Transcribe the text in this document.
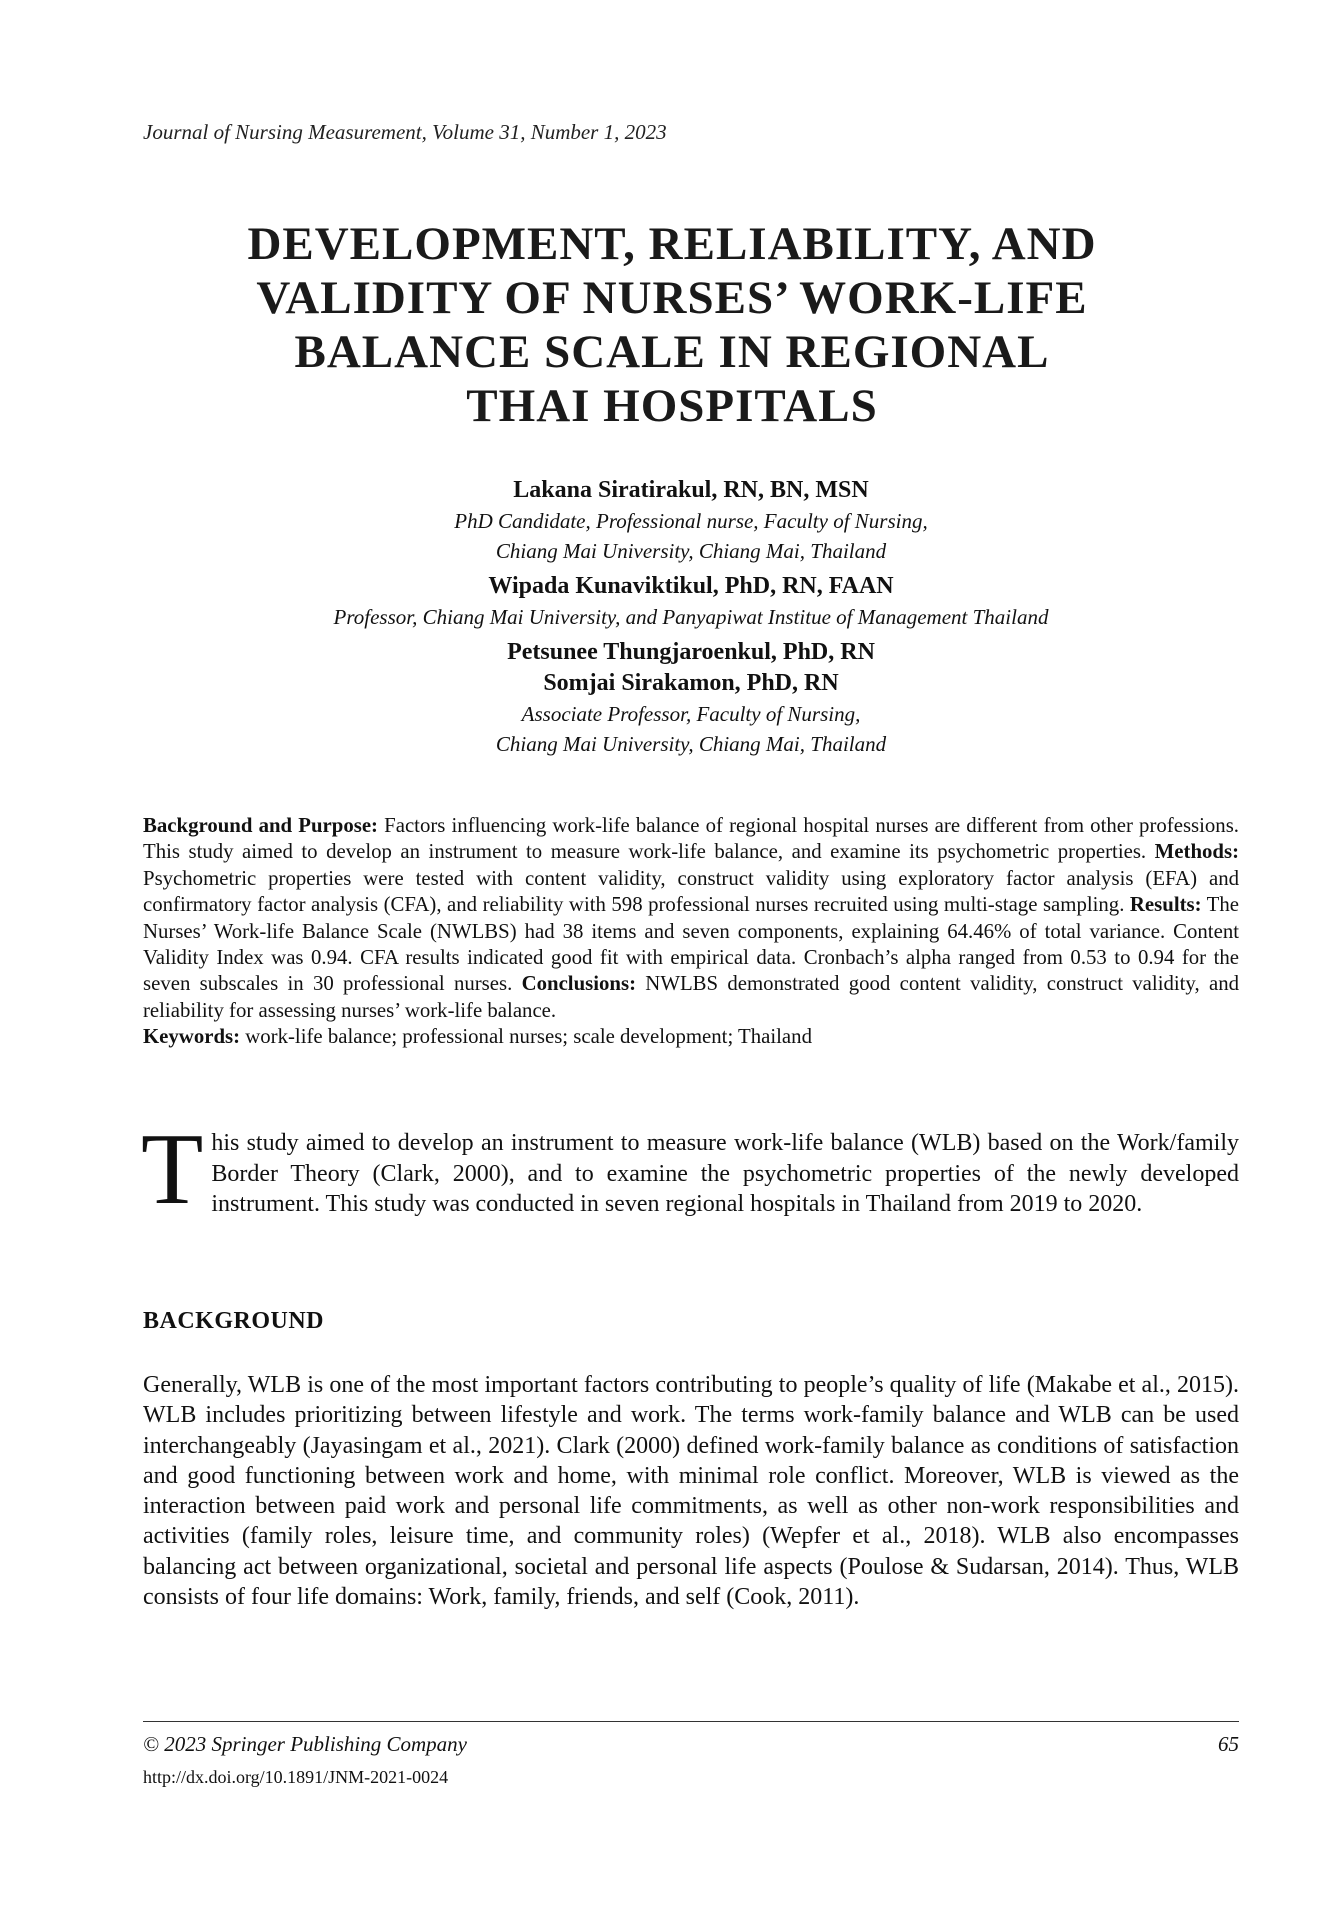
Journal of Nursing Measurement, Volume 31, Number 1, 2023
DEVELOPMENT, RELIABILITY, AND
VALIDITY OF NURSES’ WORK-LIFE
BALANCE SCALE IN REGIONAL
THAI HOSPITALS
Lakana Siratirakul, RN, BN, MSN
PhD Candidate, Professional nurse, Faculty of Nursing,
Chiang Mai University, Chiang Mai, Thailand
Wipada Kunaviktikul, PhD, RN, FAAN
Professor, Chiang Mai University, and Panyapiwat Institue of Management Thailand
Petsunee Thungjaroenkul, PhD, RN
Somjai Sirakamon, PhD, RN
Associate Professor, Faculty of Nursing,
Chiang Mai University, Chiang Mai, Thailand
Background and Purpose: Factors influencing work-life balance of regional hospital nurses are different from other professions. This study aimed to develop an instrument to measure work-life balance, and examine its psychometric properties. Methods: Psychometric properties were tested with content validity, construct validity using exploratory factor analysis (EFA) and confirmatory factor analysis (CFA), and reliability with 598 professional nurses recruited using multi-stage sampling. Results: The Nurses’ Work-life Balance Scale (NWLBS) had 38 items and seven components, explaining 64.46% of total variance. Content Validity Index was 0.94. CFA results indicated good fit with empirical data. Cronbach’s alpha ranged from 0.53 to 0.94 for the seven subscales in 30 professional nurses. Conclusions: NWLBS demonstrated good content validity, construct validity, and reliability for assessing nurses’ work-life balance.
Keywords: work-life balance; professional nurses; scale development; Thailand
This study aimed to develop an instrument to measure work-life balance (WLB) based on the Work/family Border Theory (Clark, 2000), and to examine the psychometric properties of the newly developed instrument. This study was conducted in seven regional hospitals in Thailand from 2019 to 2020.
BACKGROUND
Generally, WLB is one of the most important factors contributing to people’s quality of life (Makabe et al., 2015). WLB includes prioritizing between lifestyle and work. The terms work-family balance and WLB can be used interchangeably (Jayasingam et al., 2021). Clark (2000) defined work-family balance as conditions of satisfaction and good functioning between work and home, with minimal role conflict. Moreover, WLB is viewed as the interaction between paid work and personal life commitments, as well as other non-work responsibilities and activities (family roles, leisure time, and community roles) (Wepfer et al., 2018). WLB also encompasses balancing act between organizational, societal and personal life aspects (Poulose & Sudarsan, 2014). Thus, WLB consists of four life domains: Work, family, friends, and self (Cook, 2011).
© 2023 Springer Publishing Company	65
http://dx.doi.org/10.1891/JNM-2021-0024
